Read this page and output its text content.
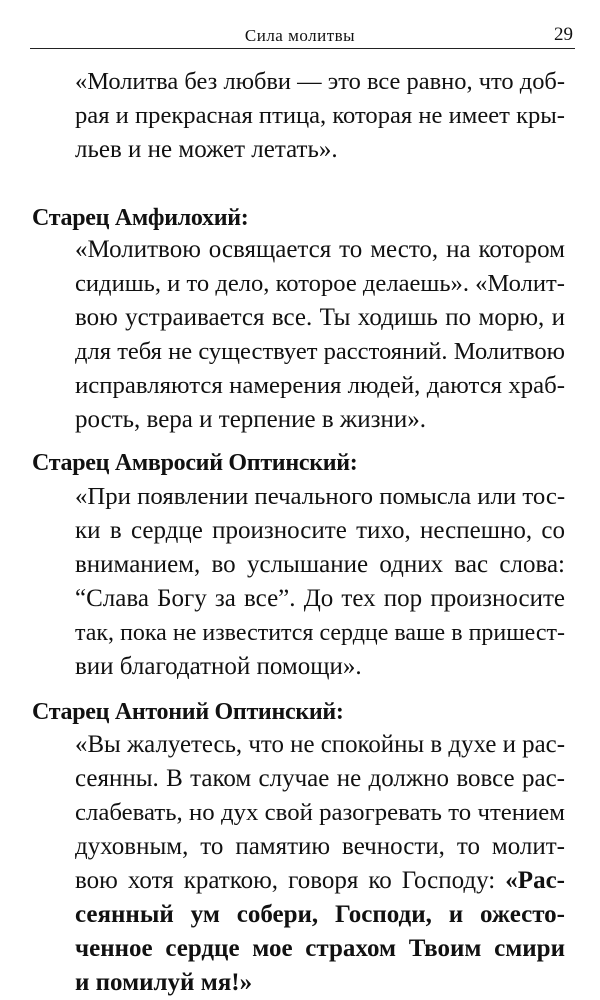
Сила молитвы	29
«Молитва без любви — это все равно, что доб-
рая и прекрасная птица, которая не имеет кры-
льев и не может летать».
Старец Амфилохий:
«Молитвою освящается то место, на котором
сидишь, и то дело, которое делаешь». «Молит-
вою устраивается все. Ты ходишь по морю, и
для тебя не существует расстояний. Молитвою
исправляются намерения людей, даются храб-
рость, вера и терпение в жизни».
Старец Амвросий Оптинский:
«При появлении печального помысла или тос-
ки в сердце произносите тихо, неспешно, со
вниманием, во услышание одних вас слова:
“Слава Богу за все”. До тех пор произносите
так, пока не известится сердце ваше в пришест-
вии благодатной помощи».
Старец Антоний Оптинский:
«Вы жалуетесь, что не спокойны в духе и рас-
сеянны. В таком случае не должно вовсе рас-
слабевать, но дух свой разогревать то чтением
духовным, то памятию вечности, то молит-
вою хотя краткою, говоря ко Господу: «Рас-
сеянный ум собери, Господи, и ожесто-
ченное сердце мое страхом Твоим смири
и помилуй мя!»
